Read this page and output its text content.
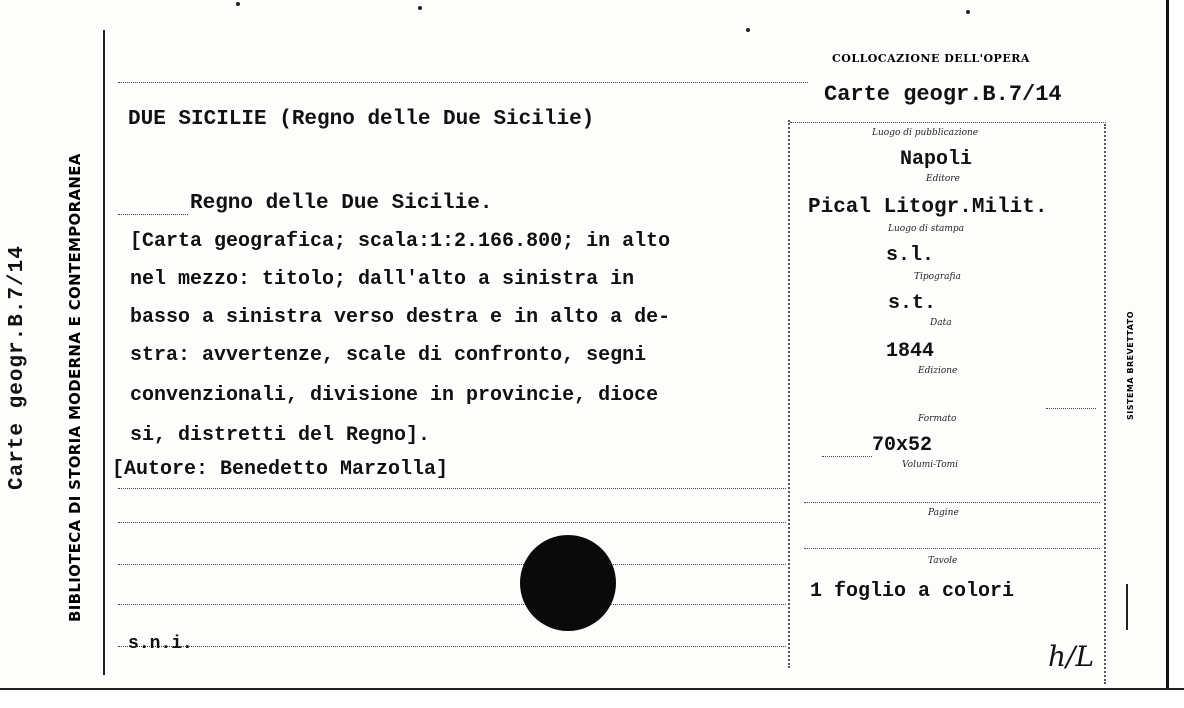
Carte geogr.B.7/14 BIBLIOTECA DI STORIA MODERNA E CONTEMPORANEA	SISTEMA BREVETTATO
DUE SICILIE (Regno delle Due Sicilie)
Regno delle Due Sicilie.
[Carta geografica; scala:1:2.166.800; in alto
nel mezzo: titolo; dall'alto a sinistra in
basso a sinistra verso destra e in alto a de-
stra: avvertenze, scale di confronto, segni
convenzionali, divisione in provincie, dioce
si, distretti del Regno].
[Autore: Benedetto Marzolla]
s.n.i.
COLLOCAZIONE DELL'OPERA
Carte geogr.B.7/14
Luogo di pubblicazione
Napoli
Editore
Pical Litogr.Milit.
Luogo di stampa
s.l.
Tipografia
s.t.
Data
1844
Edizione
Formato
70x52
Volumi-Tomi
Pagine
Tavole
1 foglio a colori
h/L
